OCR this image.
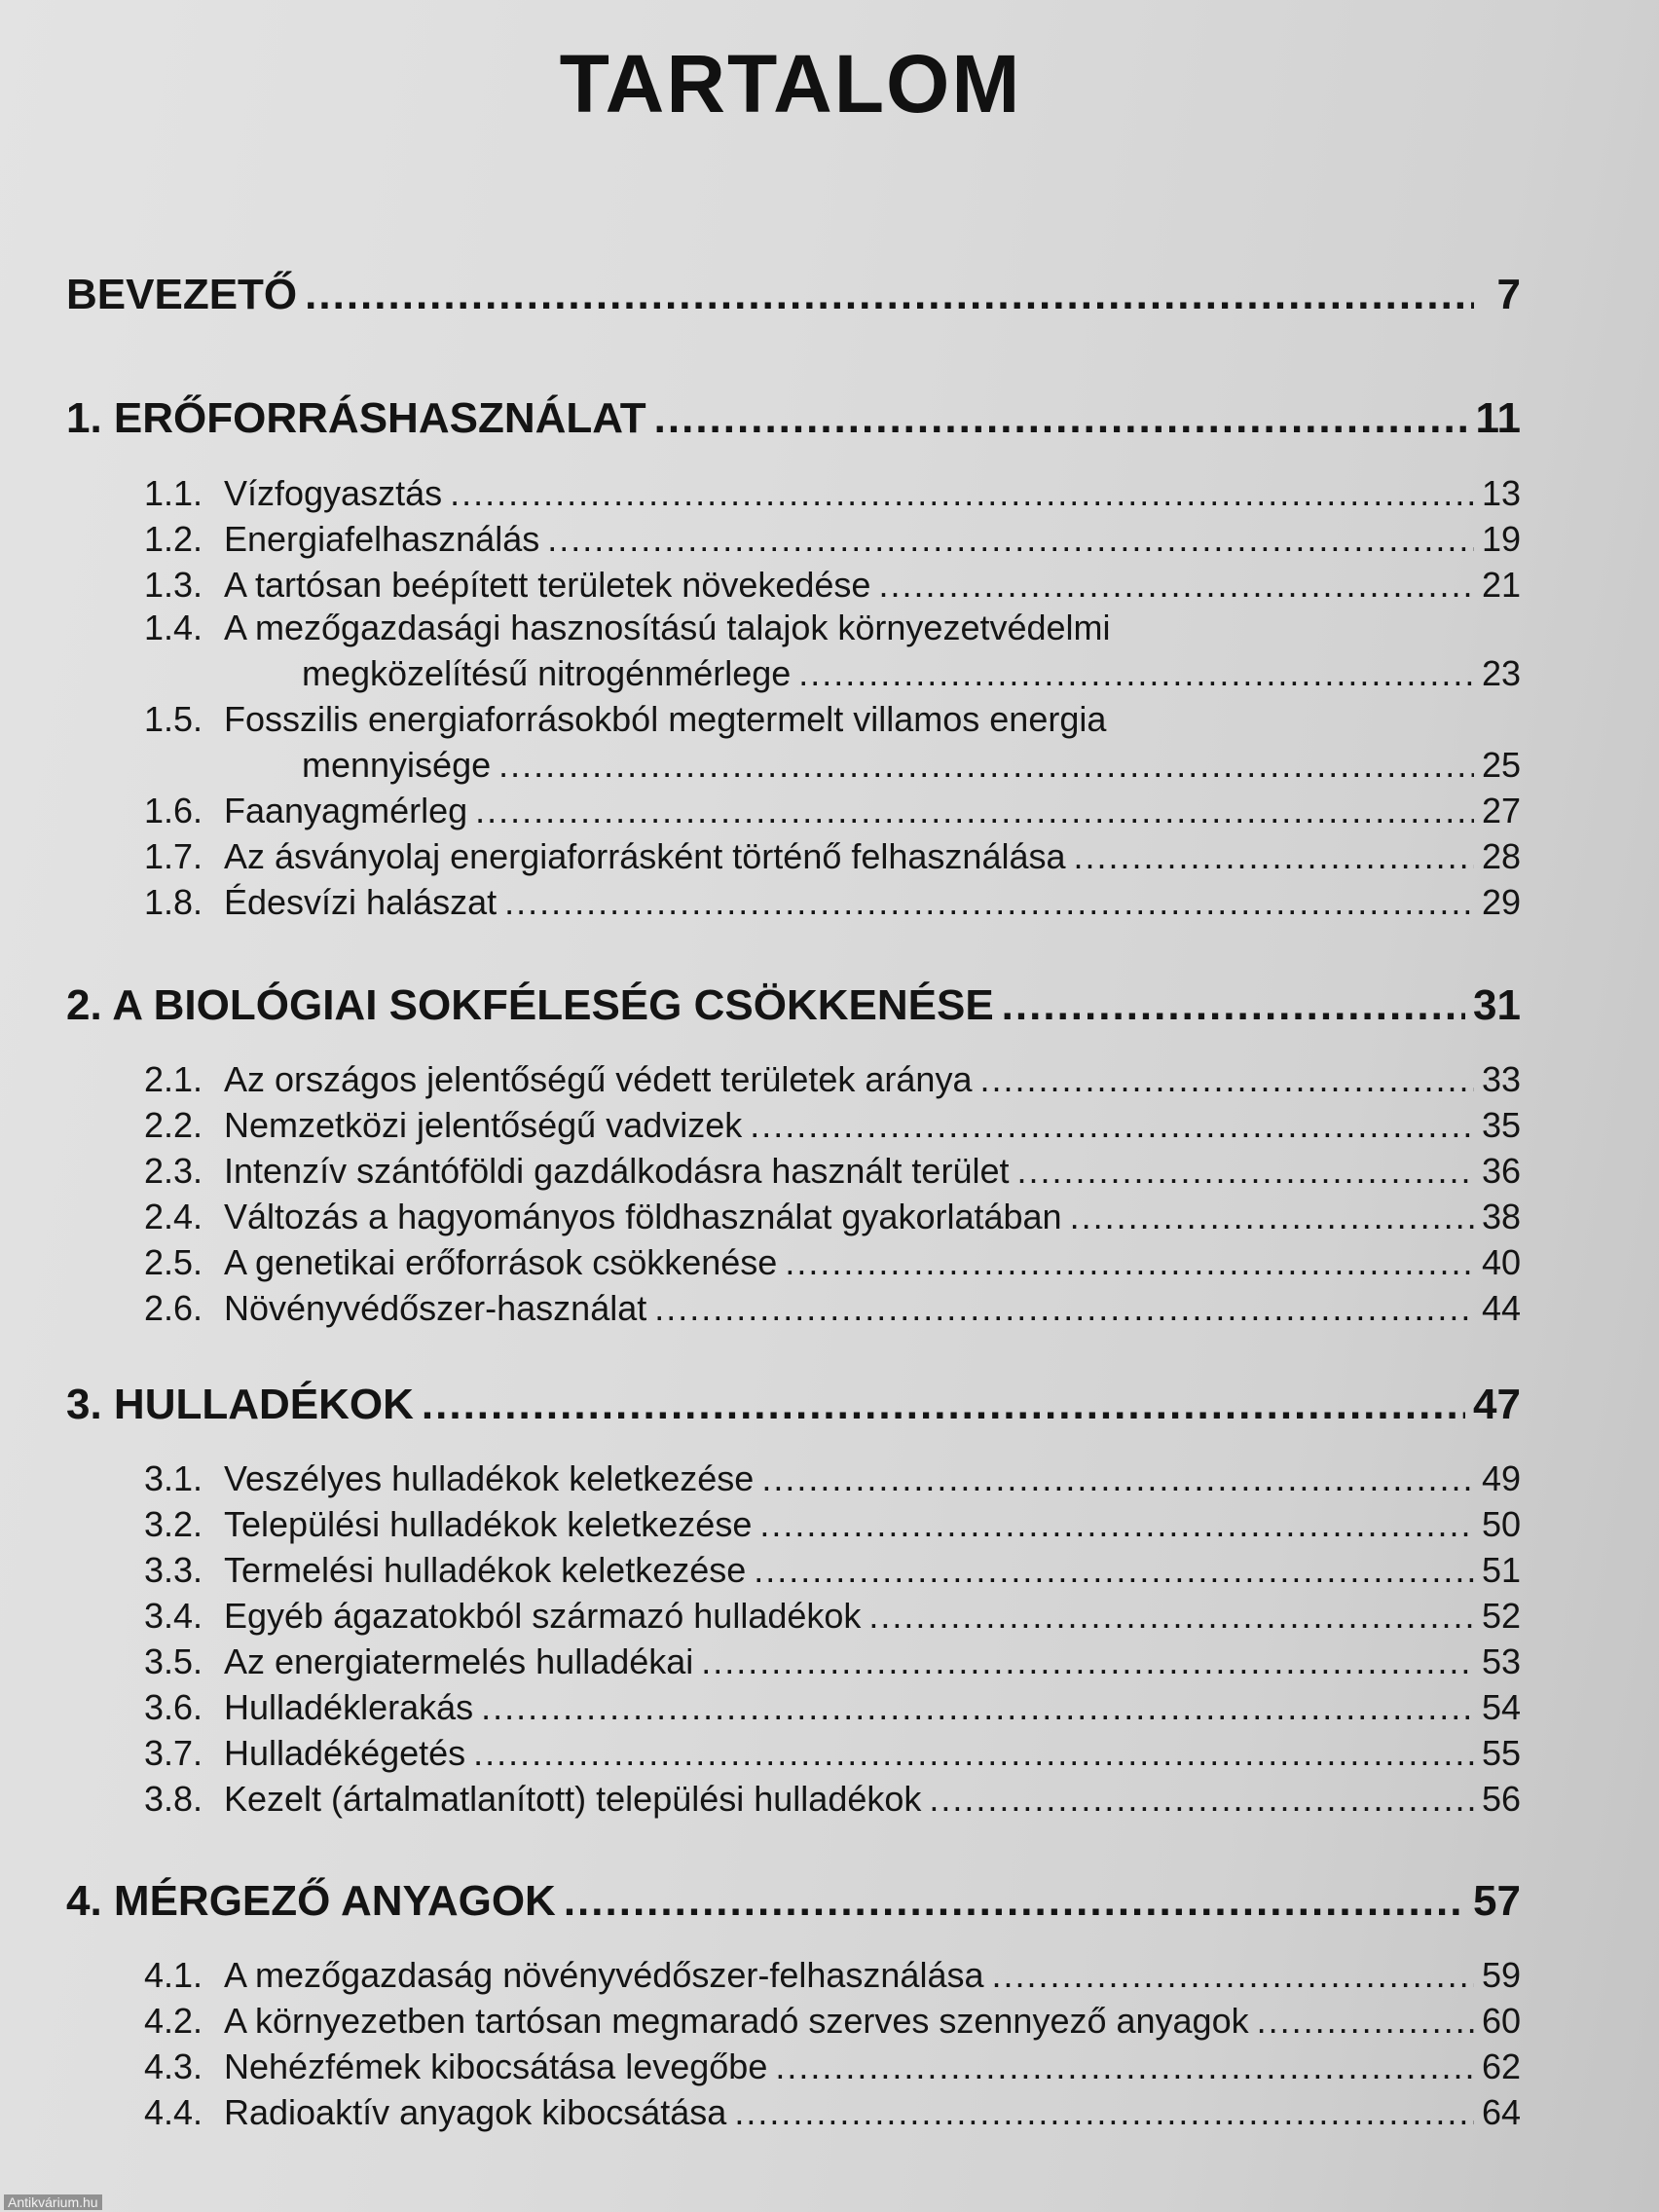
TARTALOM
BEVEZETŐ .....	7
1. ERŐFORRÁSHASZNÁLAT .....	11
1.1. Vízfogyasztás .....	13
1.2. Energiafelhasználás .....	19
1.3. A tartósan beépített területek növekedése .....	21
1.4. A mezőgazdasági hasznosítású talajok környezetvédelmi
megközelítésű nitrogénmérlege .....	23
1.5. Fosszilis energiaforrásokból megtermelt villamos energia
mennyisége .....	25
1.6. Faanyagmérleg .....	27
1.7. Az ásványolaj energiaforrásként történő felhasználása .....	28
1.8. Édesvízi halászat .....	29
2. A BIOLÓGIAI SOKFÉLESÉG CSÖKKENÉSE .....	31
2.1. Az országos jelentőségű védett területek aránya .....	33
2.2. Nemzetközi jelentőségű vadvizek .....	35
2.3. Intenzív szántóföldi gazdálkodásra használt terület .....	36
2.4. Változás a hagyományos földhasználat gyakorlatában .....	38
2.5. A genetikai erőforrások csökkenése .....	40
2.6. Növényvédőszer-használat .....	44
3. HULLADÉKOK .....	47
3.1. Veszélyes hulladékok keletkezése .....	49
3.2. Települési hulladékok keletkezése .....	50
3.3. Termelési hulladékok keletkezése .....	51
3.4. Egyéb ágazatokból származó hulladékok .....	52
3.5. Az energiatermelés hulladékai .....	53
3.6. Hulladéklerakás .....	54
3.7. Hulladékégetés .....	55
3.8. Kezelt (ártalmatlanított) települési hulladékok .....	56
4. MÉRGEZŐ ANYAGOK .....	57
4.1. A mezőgazdaság növényvédőszer-felhasználása .....	59
4.2. A környezetben tartósan megmaradó szerves szennyező anyagok .....	60
4.3. Nehézfémek kibocsátása levegőbe .....	62
4.4. Radioaktív anyagok kibocsátása .....	64
Antikvárium.hu
